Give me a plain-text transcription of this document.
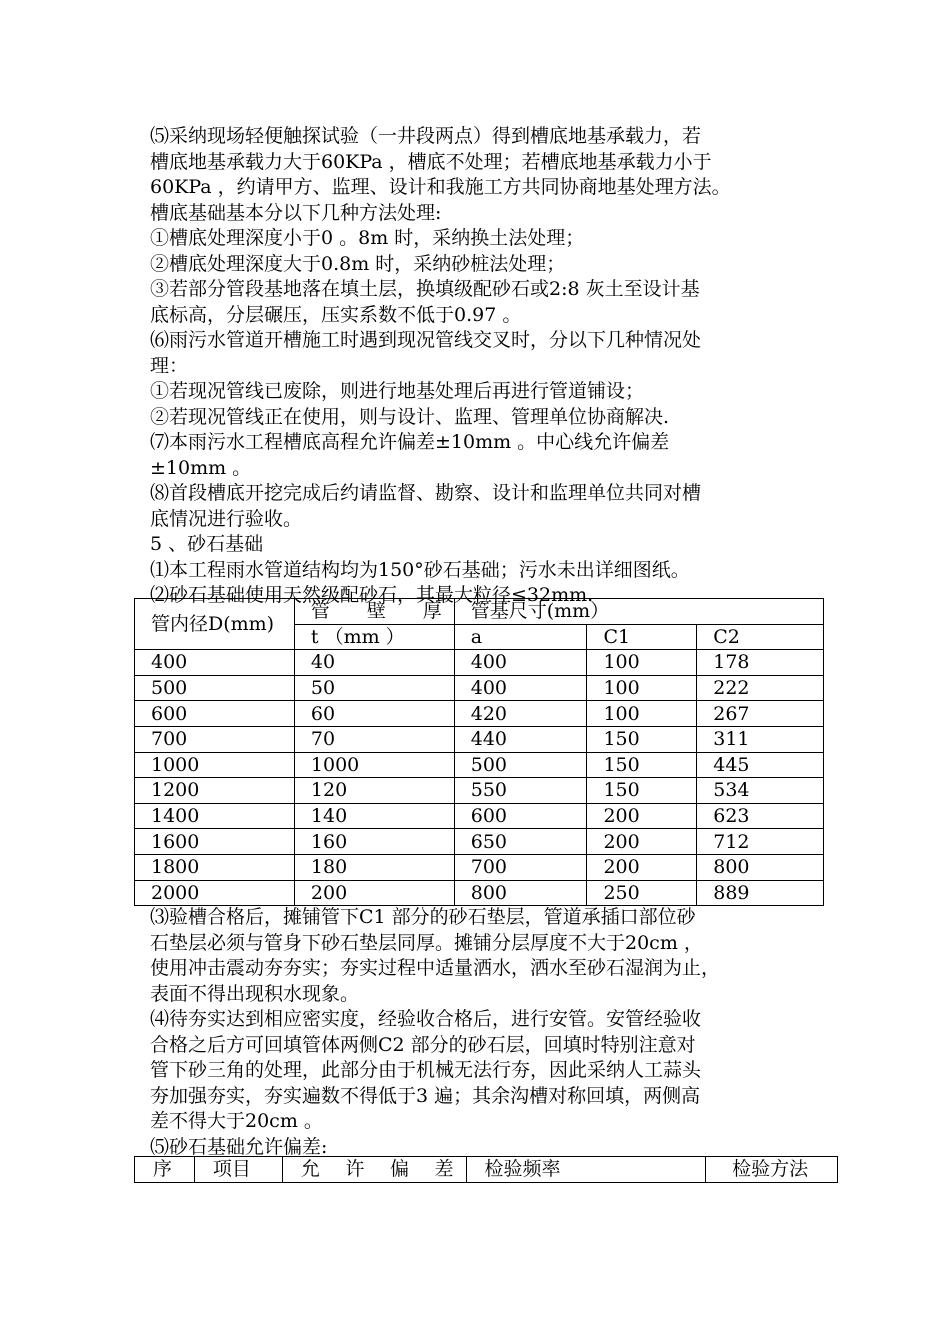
⑸采纳现场轻便触探试验（一井段两点）得到槽底地基承载力，若
槽底地基承载力大于60KPa ，槽底不处理；若槽底地基承载力小于
60KPa ，约请甲方、监理、设计和我施工方共同协商地基处理方法。
槽底基础基本分以下几种方法处理:
①槽底处理深度小于0 。8m 时，采纳换土法处理；
②槽底处理深度大于0.8m 时，采纳砂桩法处理；
③若部分管段基地落在填土层，换填级配砂石或2:8 灰土至设计基
底标高，分层碾压，压实系数不低于0.97 。
⑹雨污水管道开槽施工时遇到现况管线交叉时，分以下几种情况处
理：
①若现况管线已废除，则进行地基处理后再进行管道铺设；
②若现况管线正在使用，则与设计、监理、管理单位协商解决.
⑺本雨污水工程槽底高程允许偏差±10mm 。中心线允许偏差
±10mm 。
⑻首段槽底开挖完成后约请监督、勘察、设计和监理单位共同对槽
底情况进行验收。
5 、砂石基础
⑴本工程雨水管道结构均为150°砂石基础；污水未出详细图纸。
⑵砂石基础使用天然级配砂石，其最大粒径≤32mm.
管内径D(mm)	管 壁 厚	管基尺寸(mm）		
	t （mm ）	a	C1	C2
400	40	400	100	178
500	50	400	100	222
600	60	420	100	267
700	70	440	150	311
1000	1000	500	150	445
1200	120	550	150	534
1400	140	600	200	623
1600	160	650	200	712
1800	180	700	200	800
2000	200	800	250	889
⑶验槽合格后，摊铺管下C1 部分的砂石垫层，管道承插口部位砂
石垫层必须与管身下砂石垫层同厚。摊铺分层厚度不大于20cm ，
使用冲击震动夯夯实；夯实过程中适量洒水，洒水至砂石湿润为止，
表面不得出现积水现象。
⑷待夯实达到相应密实度，经验收合格后，进行安管。安管经验收
合格之后方可回填管体两侧C2 部分的砂石层，回填时特别注意对
管下砂三角的处理，此部分由于机械无法行夯，因此采纳人工蒜头
夯加强夯实，夯实遍数不得低于3 遍；其余沟槽对称回填，两侧高
差不得大于20cm 。
⑸砂石基础允许偏差:
序	项目	允 许 偏 差	检验频率	检验方法
